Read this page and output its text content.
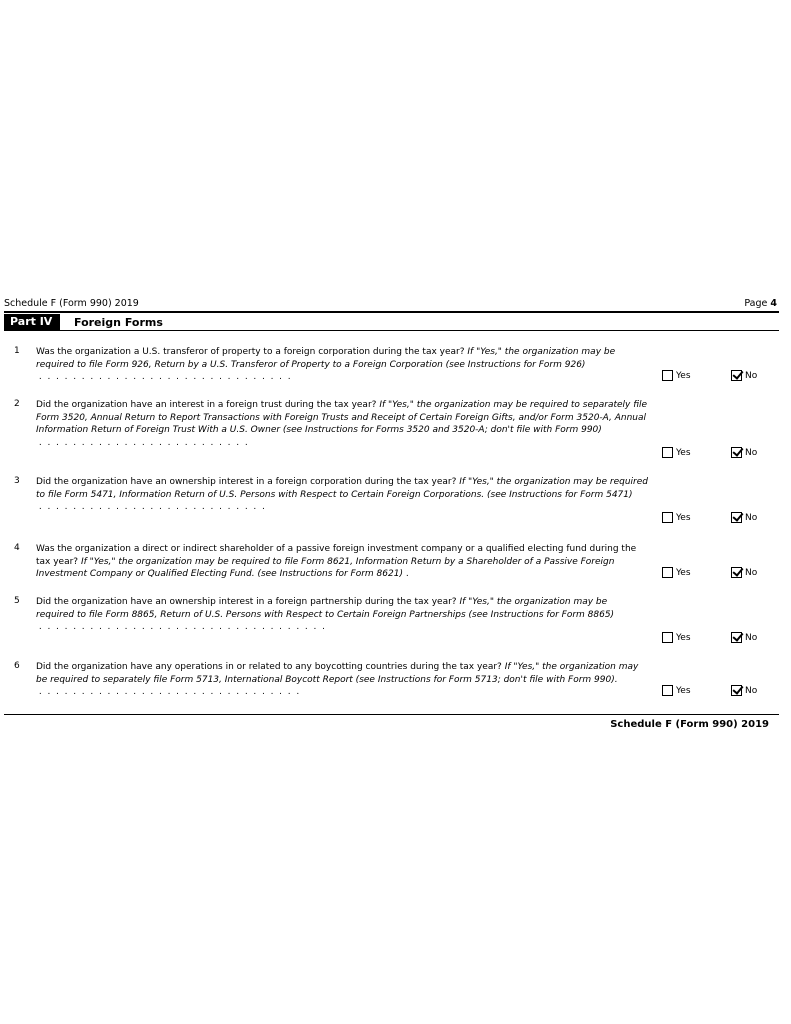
Schedule F (Form 990) 2019	Page 4
Part IV	Foreign Forms
1 Was the organization a U.S. transferor of property to a foreign corporation during the tax year? If "Yes," the organization may be required to file Form 926, Return by a U.S. Transferor of Property to a Foreign Corporation (see Instructions for Form 926) .  .  .  .  .  .  .  .  .  .  .  .  .  .  .  .  .  .  .  .  .  .  .  .  .  .  .  .  .  .	Yes	No
2 Did the organization have an interest in a foreign trust during the tax year? If "Yes," the organization may be required to separately file Form 3520, Annual Return to Report Transactions with Foreign Trusts and Receipt of Certain Foreign Gifts, and/or Form 3520-A, Annual Information Return of Foreign Trust With a U.S. Owner (see Instructions for Forms 3520 and 3520-A; don't file with Form 990) .  .  .  .  .  .  .  .  .  .  .  .  .  .  .  .  .  .  .  .  .  .  .  .  .
Yes	No
3 Did the organization have an ownership interest in a foreign corporation during the tax year? If "Yes," the organization may be required to file Form 5471, Information Return of U.S. Persons with Respect to Certain Foreign Corporations. (see Instructions for Form 5471) .  .  .  .  .  .  .  .  .  .  .  .  .  .  .  .  .  .  .  .  .  .  .  .  .  .  .
Yes	No
4 Was the organization a direct or indirect shareholder of a passive foreign investment company or a qualified electing fund during the tax year? If "Yes," the organization may be required to file Form 8621, Information Return by a Shareholder of a Passive Foreign Investment Company or Qualified Electing Fund. (see Instructions for Form 8621) .	Yes	No
5 Did the organization have an ownership interest in a foreign partnership during the tax year? If "Yes," the organization may be required to file Form 8865, Return of U.S. Persons with Respect to Certain Foreign Partnerships (see Instructions for Form 8865) .  .  .  .  .  .  .  .  .  .  .  .  .  .  .  .  .  .  .  .  .  .  .  .  .  .  .  .  .  .  .  .  .  .
Yes	No
6 Did the organization have any operations in or related to any boycotting countries during the tax year? If "Yes," the organization may be required to separately file Form 5713, International Boycott Report (see Instructions for Form 5713; don't file with Form 990). .  .  .  .  .  .  .  .  .  .  .  .  .  .  .  .  .  .  .  .  .  .  .  .  .  .  .  .  .  .  .	Yes	No
Schedule F (Form 990) 2019
